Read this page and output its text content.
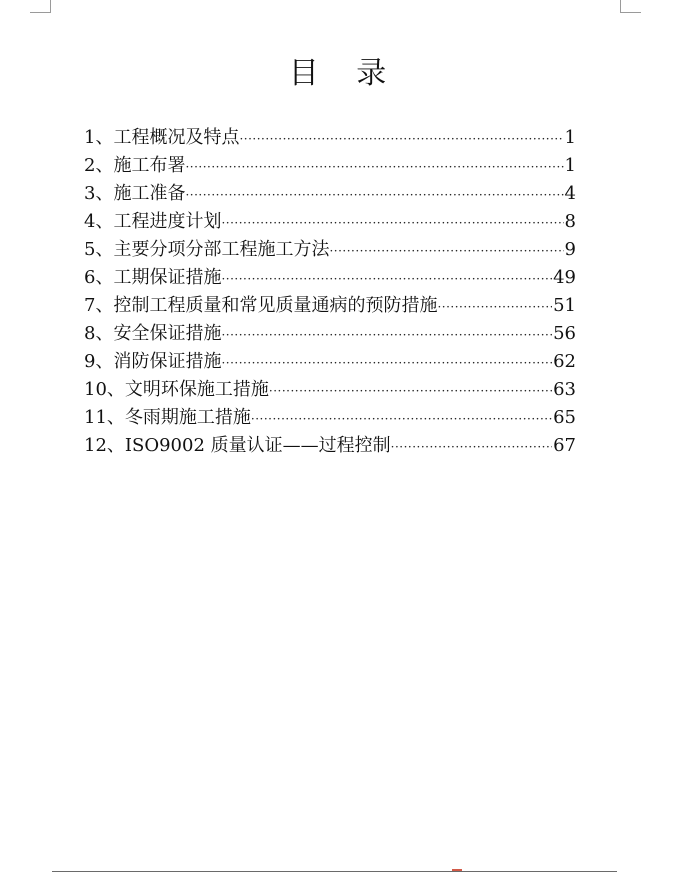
目 录
1、 工程概况及特点 ·····	1
2、 施工布署 ·····	1
3、 施工准备 ·····	4
4、 工程进度计划 ·····	8
5、 主要分项分部工程施工方法 ·····	9
6、 工期保证措施 ·····	49
7、 控制工程质量和常见质量通病的预防措施 ·····	51
8、 安全保证措施 ·····	56
9、 消防保证措施 ·····	62
10、 文明环保施工措施 ·····	63
11、 冬雨期施工措施 ·····	65
12、 ISO9002 质量认证——过程控制 ·····	67
